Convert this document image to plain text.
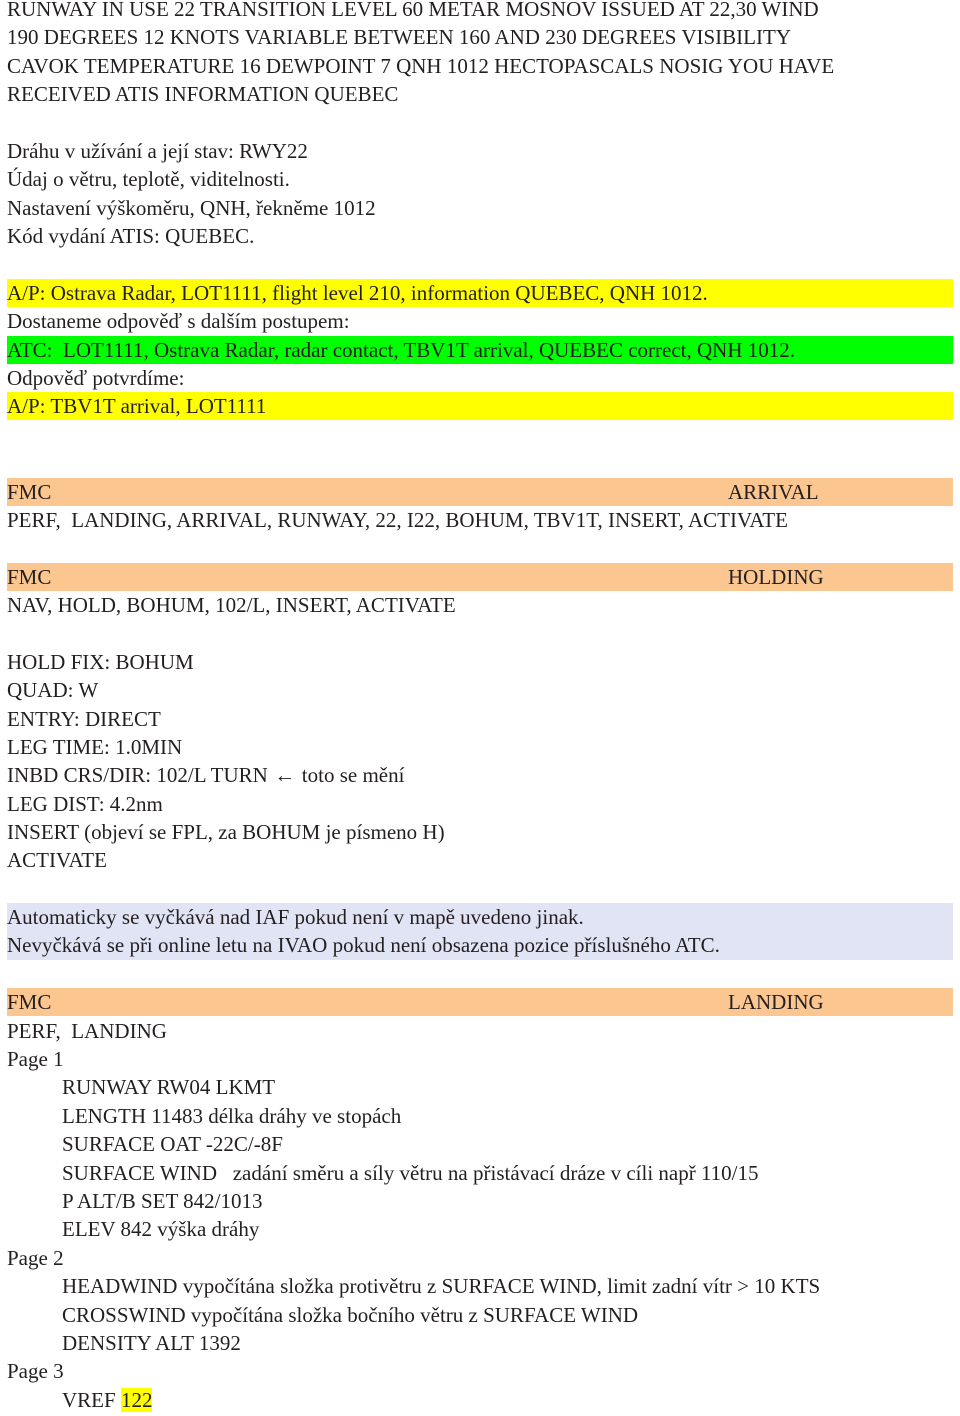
RUNWAY IN USE 22 TRANSITION LEVEL 60 METAR MOSNOV ISSUED AT 22,30 WIND
190 DEGREES 12 KNOTS VARIABLE BETWEEN 160 AND 230 DEGREES VISIBILITY
CAVOK TEMPERATURE 16 DEWPOINT 7 QNH 1012 HECTOPASCALS NOSIG YOU HAVE
RECEIVED ATIS INFORMATION QUEBEC
Dráhu v užívání a její stav: RWY22
Údaj o větru, teplotě, viditelnosti.
Nastavení výškoměru, QNH, řekněme 1012
Kód vydání ATIS: QUEBEC.
A/P: Ostrava Radar, LOT1111, flight level 210, information QUEBEC, QNH 1012.
Dostaneme odpověď s dalším postupem:
ATC:  LOT1111, Ostrava Radar, radar contact, TBV1T arrival, QUEBEC correct, QNH 1012.
Odpověď potvrdíme:
A/P: TBV1T arrival, LOT1111
FMC	ARRIVAL
PERF,  LANDING, ARRIVAL, RUNWAY, 22, I22, BOHUM, TBV1T, INSERT, ACTIVATE
FMC	HOLDING
NAV, HOLD, BOHUM, 102/L, INSERT, ACTIVATE
HOLD FIX: BOHUM
QUAD: W
ENTRY: DIRECT
LEG TIME: 1.0MIN
INBD CRS/DIR: 102/L TURN ← toto se mění
LEG DIST: 4.2nm
INSERT (objeví se FPL, za BOHUM je písmeno H)
ACTIVATE
Automaticky se vyčkává nad IAF pokud není v mapě uvedeno jinak.
Nevyčkává se při online letu na IVAO pokud není obsazena pozice příslušného ATC.
FMC	LANDING
PERF,  LANDING
Page 1
RUNWAY RW04 LKMT
LENGTH 11483 délka dráhy ve stopách
SURFACE OAT -22C/-8F
SURFACE WIND   zadání směru a síly větru na přistávací dráze v cíli např 110/15
P ALT/B SET 842/1013
ELEV 842 výška dráhy
Page 2
HEADWIND vypočítána složka protivětru z SURFACE WIND, limit zadní vítr > 10 KTS
CROSSWIND vypočítána složka bočního větru z SURFACE WIND
DENSITY ALT 1392
Page 3
VREF 122
